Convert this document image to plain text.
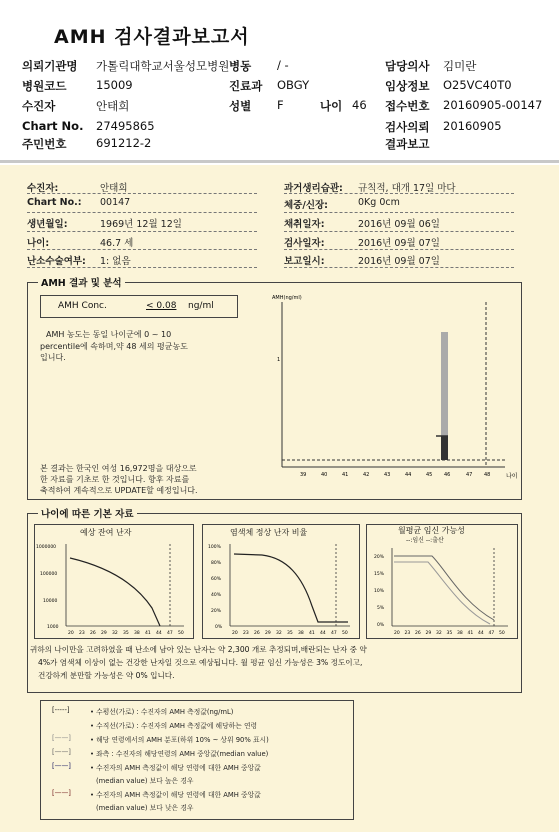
AMH 검사결과보고서
의뢰기관명 가톨릭대학교서울성모병원 병동 / -	담당의사 김미란
병원코드	15009	진료과 OBGY	임상정보 O25VC40T0
수진자	안태희	성별 F	나이 46 접수번호 20160905-00147
Chart No. 27495865	검사의뢰 20160905
주민번호	691212-2	결과보고
수진자:	안태희
Chart No.: 00147
생년월일:	1969년 12월 12일
나이:	46.7 세
난소수술여부: 1: 없음
과거생리습관: 규칙적, 대개 17일 마다
체중/신장:	0Kg 0cm
채취일자:	2016년 09월 06일
검사일자:	2016년 09월 07일
보고일시:	2016년 09월 07일
AMH 결과 및 분석
AMH Conc.	< 0.08 ng/ml
AMH 농도는 동일 나이군에 0 ~ 10
percentile에 속하며,약 48 세의 평균농도
입니다.
본 결과는 한국인 여성 16,972명을 대상으로
한 자료를 기초로 한 것입니다. 향후 자료를
축적하여 계속적으로 UPDATE할 예정입니다.
AMH(ng/ml)
1
39	40	41	42	43	44	45 46	47 48	나이
나이에 따른 기본 자료
예상 잔여 난자
1000000
100000
10000
1000
20 23 26 29 32 35 38 41 44 47 50
염색체 정상 난자 비율
100%
80%
60%
40%
20%
0%
20 23 26 29 32 35 38 41 44 47 50
월평균 임신 가능성
--:임신 --:출산
20%
15%
10%
5%
0%
20 23 26 29 32 35 38 41 44 47 50
귀하의 나이만을 고려하였을 때 난소에 남아 있는 난자는 약 2,300 개로 추정되며,배란되는 난자 중 약
4%가 염색체 이상이 없는 건강한 난자일 것으로 예상됩니다. 월 평균 임신 가능성은 3% 정도이고,
건강하게 분만할 가능성은 약 0% 입니다.
[-----]	• 수평선(가로) : 수진자의 AMH 측정값(ng/mL)
• 수직선(가로) : 수진자의 AMH 측정값에 해당하는 연령
[——]	• 해당 연령에서의 AMH 분포(하위 10% ~ 상위 90% 표시)
[——]	• 좌측 : 수진자의 해당연령의 AMH 중앙값(median value)
[——]	• 수진자의 AMH 측정값이 해당 연령에 대한 AMH 중앙값
(median value) 보다 높은 경우
[——]	• 수진자의 AMH 측정값이 해당 연령에 대한 AMH 중앙값
(median value) 보다 낮은 경우
